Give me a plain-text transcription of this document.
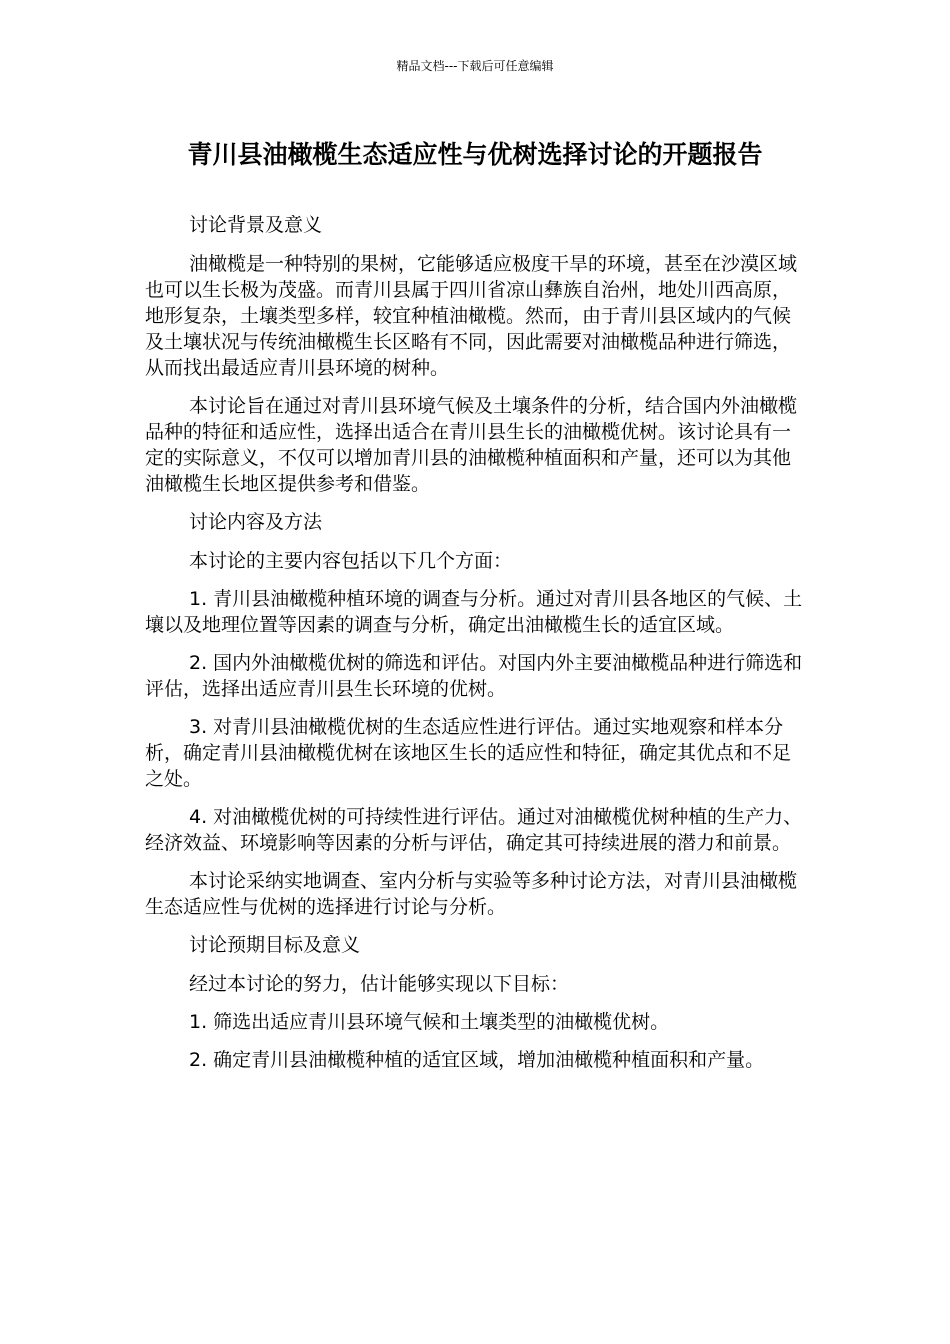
精品文档---下载后可任意编辑
青川县油橄榄生态适应性与优树选择讨论的开题报告

讨论背景及意义

油橄榄是一种特别的果树，它能够适应极度干旱的环境，甚至在沙漠区域也可以生长极为茂盛。而青川县属于四川省凉山彝族自治州，地处川西高原，地形复杂，土壤类型多样，较宜种植油橄榄。然而，由于青川县区域内的气候及土壤状况与传统油橄榄生长区略有不同，因此需要对油橄榄品种进行筛选，从而找出最适应青川县环境的树种。

本讨论旨在通过对青川县环境气候及土壤条件的分析，结合国内外油橄榄品种的特征和适应性，选择出适合在青川县生长的油橄榄优树。该讨论具有一定的实际意义，不仅可以增加青川县的油橄榄种植面积和产量，还可以为其他油橄榄生长地区提供参考和借鉴。

讨论内容及方法

本讨论的主要内容包括以下几个方面：

1. 青川县油橄榄种植环境的调查与分析。通过对青川县各地区的气候、土壤以及地理位置等因素的调查与分析，确定出油橄榄生长的适宜区域。

2. 国内外油橄榄优树的筛选和评估。对国内外主要油橄榄品种进行筛选和评估，选择出适应青川县生长环境的优树。

3. 对青川县油橄榄优树的生态适应性进行评估。通过实地观察和样本分析，确定青川县油橄榄优树在该地区生长的适应性和特征，确定其优点和不足之处。

4. 对油橄榄优树的可持续性进行评估。通过对油橄榄优树种植的生产力、经济效益、环境影响等因素的分析与评估，确定其可持续进展的潜力和前景。

本讨论采纳实地调查、室内分析与实验等多种讨论方法，对青川县油橄榄生态适应性与优树的选择进行讨论与分析。

讨论预期目标及意义

经过本讨论的努力，估计能够实现以下目标：

1. 筛选出适应青川县环境气候和土壤类型的油橄榄优树。

2. 确定青川县油橄榄种植的适宜区域，增加油橄榄种植面积和产量。
